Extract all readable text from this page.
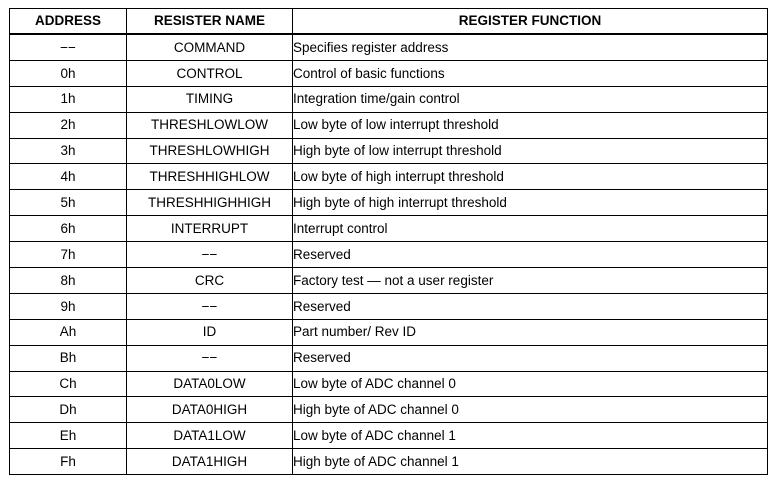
ADDRESS	RESISTER NAME	REGISTER FUNCTION
−−	COMMAND	Specifies register address
0h	CONTROL	Control of basic functions
1h	TIMING	Integration time/gain control
2h	THRESHLOWLOW	Low byte of low interrupt threshold
3h	THRESHLOWHIGH	High byte of low interrupt threshold
4h	THRESHHIGHLOW	Low byte of high interrupt threshold
5h	THRESHHIGHHIGH	High byte of high interrupt threshold
6h	INTERRUPT	Interrupt control
7h	−−	Reserved
8h	CRC	Factory test — not a user register
9h	−−	Reserved
Ah	ID	Part number/ Rev ID
Bh	−−	Reserved
Ch	DATA0LOW	Low byte of ADC channel 0
Dh	DATA0HIGH	High byte of ADC channel 0
Eh	DATA1LOW	Low byte of ADC channel 1
Fh	DATA1HIGH	High byte of ADC channel 1
